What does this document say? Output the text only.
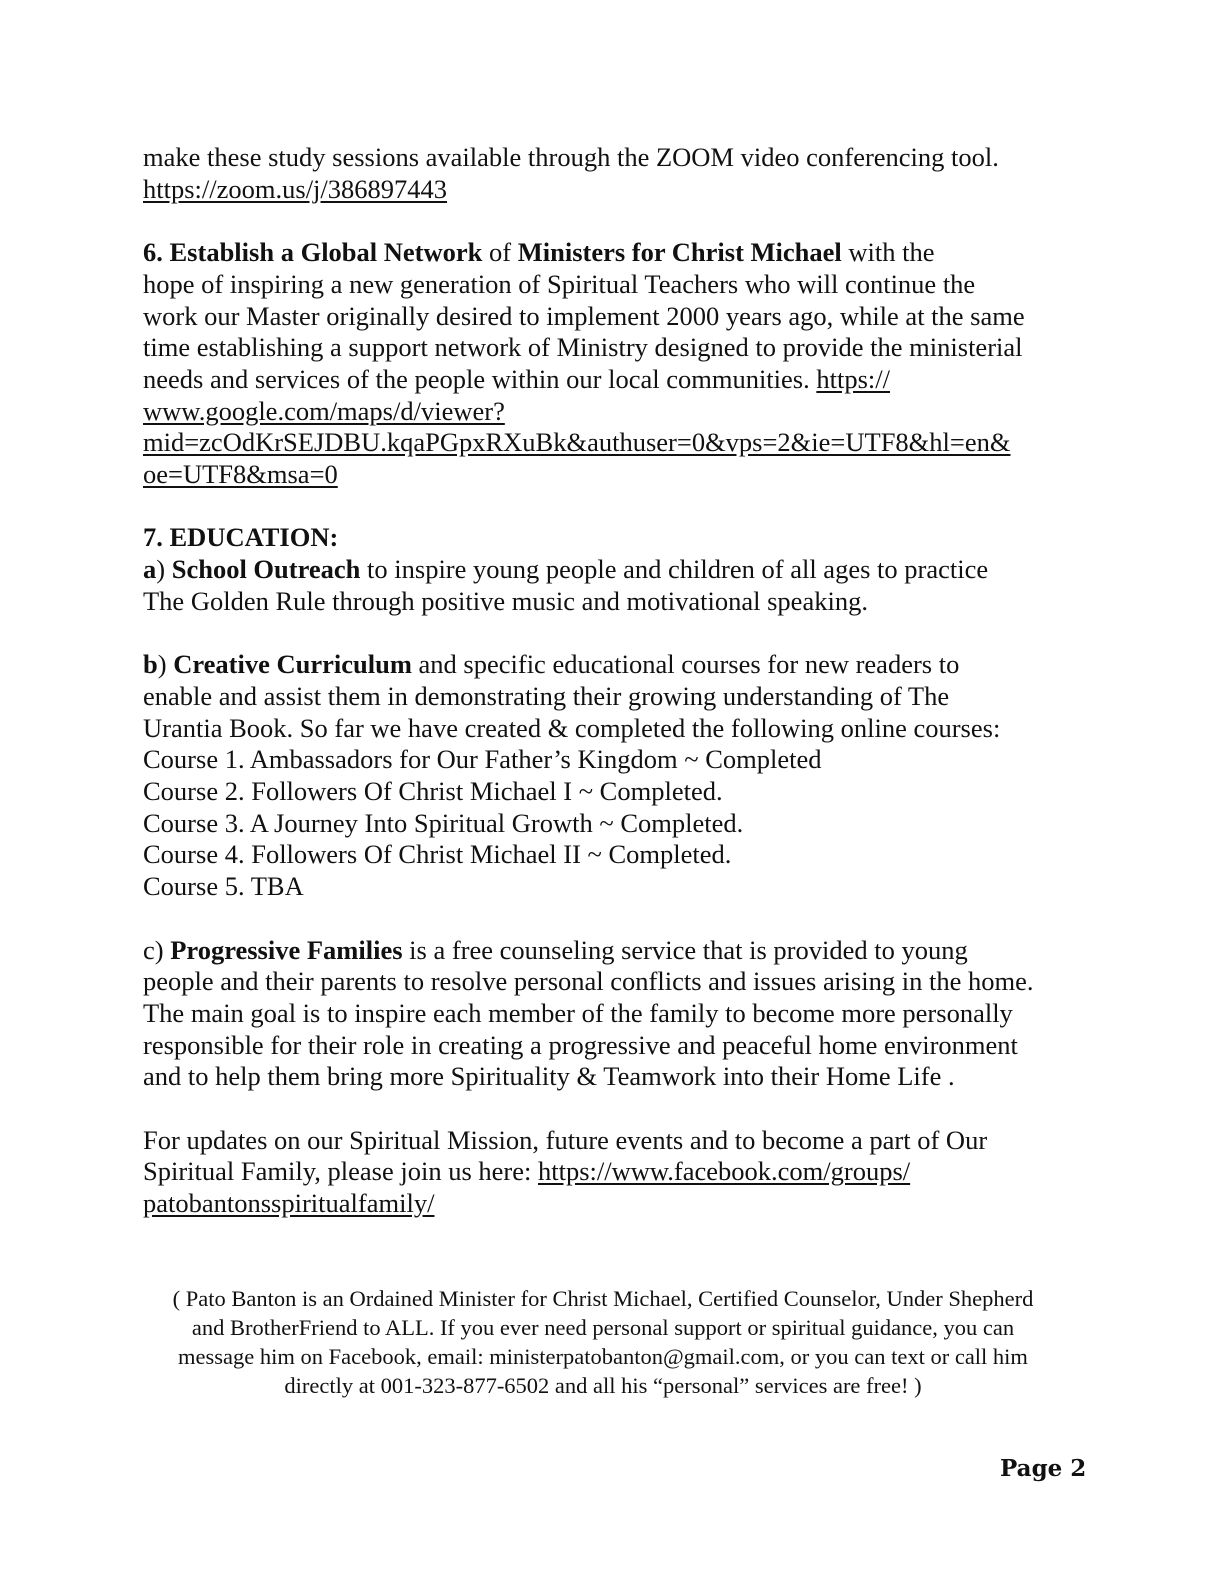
make these study sessions available through the ZOOM video conferencing tool.
https://zoom.us/j/386897443
6. Establish a Global Network of Ministers for Christ Michael with the
hope of inspiring a new generation of Spiritual Teachers who will continue the
work our Master originally desired to implement 2000 years ago, while at the same
time establishing a support network of Ministry designed to provide the ministerial
needs and services of the people within our local communities. https://
www.google.com/maps/d/viewer?
mid=zcOdKrSEJDBU.kqaPGpxRXuBk&authuser=0&vps=2&ie=UTF8&hl=en&
oe=UTF8&msa=0
7. EDUCATION:
a) School Outreach to inspire young people and children of all ages to practice
The Golden Rule through positive music and motivational speaking.
b) Creative Curriculum and specific educational courses for new readers to
enable and assist them in demonstrating their growing understanding of The
Urantia Book. So far we have created & completed the following online courses:
Course 1. Ambassadors for Our Father’s Kingdom ~ Completed
Course 2. Followers Of Christ Michael I ~ Completed.
Course 3. A Journey Into Spiritual Growth ~ Completed.
Course 4. Followers Of Christ Michael II ~ Completed.
Course 5. TBA
c) Progressive Families is a free counseling service that is provided to young
people and their parents to resolve personal conflicts and issues arising in the home.
The main goal is to inspire each member of the family to become more personally
responsible for their role in creating a progressive and peaceful home environment
and to help them bring more Spirituality & Teamwork into their Home Life .
For updates on our Spiritual Mission, future events and to become a part of Our
Spiritual Family, please join us here: https://www.facebook.com/groups/
patobantonsspiritualfamily/
( Pato Banton is an Ordained Minister for Christ Michael, Certified Counselor, Under Shepherd
and BrotherFriend to ALL. If you ever need personal support or spiritual guidance, you can
message him on Facebook, email: ministerpatobanton@gmail.com, or you can text or call him
directly at 001-323-877-6502 and all his “personal” services are free! )
Page 2
